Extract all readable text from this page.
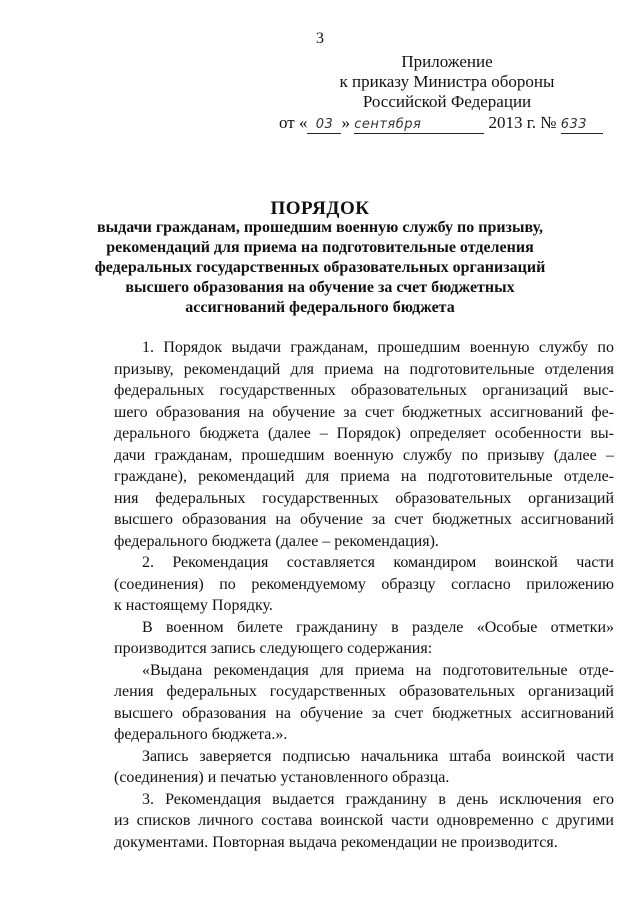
3
Приложение
к приказу Министра обороны
Российской Федерации
от « 03 » сентября	2013 г. № 633
ПОРЯДОК
выдачи гражданам, прошедшим военную службу по призыву,
рекомендаций для приема на подготовительные отделения
федеральных государственных образовательных организаций
высшего образования на обучение за счет бюджетных
ассигнований федерального бюджета
1. Порядок выдачи гражданам, прошедшим военную службу по
призыву, рекомендаций для приема на подготовительные отделения
федеральных государственных образовательных организаций выс-
шего образования на обучение за счет бюджетных ассигнований фе-
дерального бюджета (далее – Порядок) определяет особенности вы-
дачи гражданам, прошедшим военную службу по призыву (далее –
граждане), рекомендаций для приема на подготовительные отделе-
ния федеральных государственных образовательных организаций
высшего образования на обучение за счет бюджетных ассигнований
федерального бюджета (далее – рекомендация).
2. Рекомендация составляется командиром воинской части
(соединения) по рекомендуемому образцу согласно приложению
к настоящему Порядку.
В военном билете гражданину в разделе «Особые отметки»
производится запись следующего содержания:
«Выдана рекомендация для приема на подготовительные отде-
ления федеральных государственных образовательных организаций
высшего образования на обучение за счет бюджетных ассигнований
федерального бюджета.».
Запись заверяется подписью начальника штаба воинской части
(соединения) и печатью установленного образца.
3. Рекомендация выдается гражданину в день исключения его
из списков личного состава воинской части одновременно с другими
документами. Повторная выдача рекомендации не производится.
